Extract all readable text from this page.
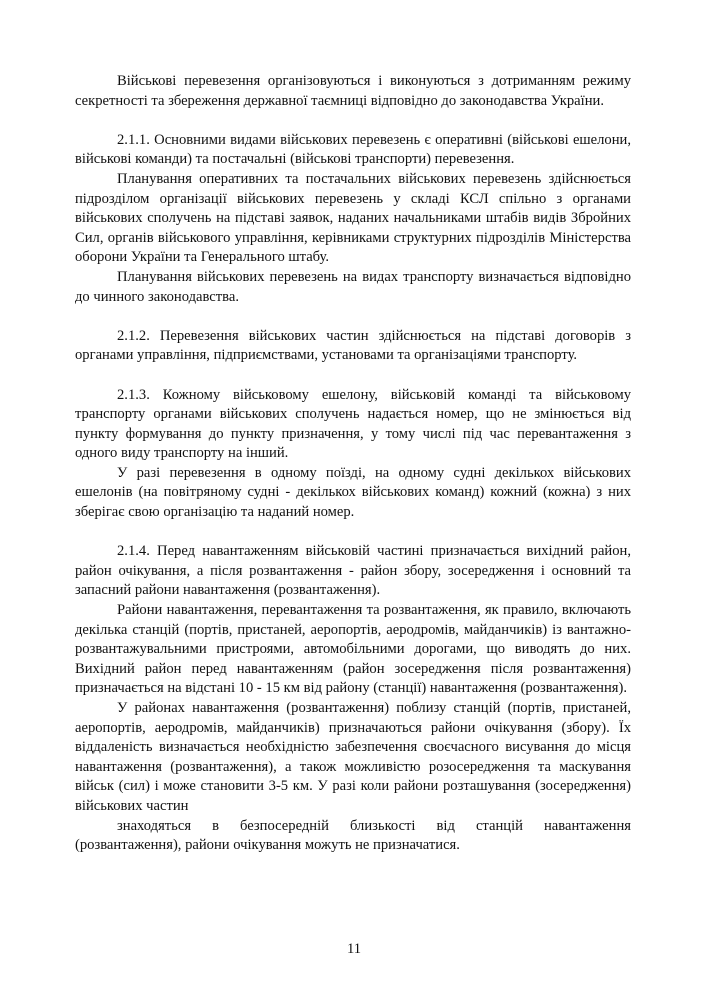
Військові перевезення організовуються і виконуються з дотриманням режиму секретності та збереження державної таємниці відповідно до законодавства України.

2.1.1. Основними видами військових перевезень є оперативні (військові ешелони, військові команди) та постачальні (військові транспорти) перевезення.

Планування оперативних та постачальних військових перевезень здійснюється підрозділом організації військових перевезень у складі КСЛ спільно з органами військових сполучень на підставі заявок, наданих начальниками штабів видів Збройних Сил, органів військового управління, керівниками структурних підрозділів Міністерства оборони України та Генерального штабу.

Планування військових перевезень на видах транспорту визначається відповідно до чинного законодавства.

2.1.2. Перевезення військових частин здійснюється на підставі договорів з органами управління, підприємствами, установами та організаціями транспорту.

2.1.3. Кожному військовому ешелону, військовій команді та військовому транспорту органами військових сполучень надається номер, що не змінюється від пункту формування до пункту призначення, у тому числі під час перевантаження з одного виду транспорту на інший.

У разі перевезення в одному поїзді, на одному судні декількох військових ешелонів (на повітряному судні - декількох військових команд) кожний (кожна) з них зберігає свою організацію та наданий номер.

2.1.4. Перед навантаженням військовій частині призначається вихідний район, район очікування, а після розвантаження - район збору, зосередження і основний та запасний райони навантаження (розвантаження).

Райони навантаження, перевантаження та розвантаження, як правило, включають декілька станцій (портів, пристаней, аеропортів, аеродромів, майданчиків) із вантажно-розвантажувальними пристроями, автомобільними дорогами, що виводять до них. Вихідний район перед навантаженням (район зосередження після розвантаження) призначається на відстані 10 - 15 км від району (станції) навантаження (розвантаження).

У районах навантаження (розвантаження) поблизу станцій (портів, пристаней, аеропортів, аеродромів, майданчиків) призначаються райони очікування (збору). Їх віддаленість визначається необхідністю забезпечення своєчасного висування до місця навантаження (розвантаження), а також можливістю розосередження та маскування військ (сил) і може становити 3-5 км. У разі коли райони розташування (зосередження) військових частин

знаходяться в безпосередній близькості від станцій навантаження (розвантаження), райони очікування можуть не призначатися.

11
